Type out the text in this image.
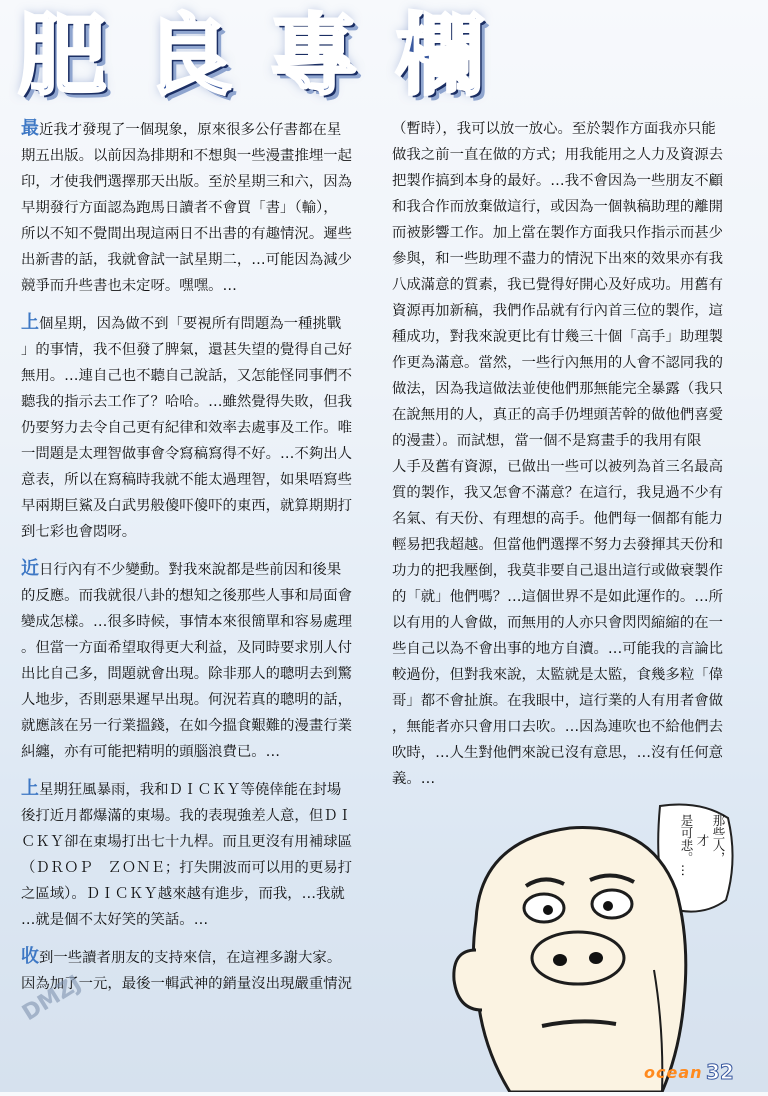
肥良專欄
最近我才發現了一個現象，原來很多公仔書都在星
期五出版。以前因為排期和不想與一些漫畫推埋一起
印，才使我們選擇那天出版。至於星期三和六，因為
早期發行方面認為跑馬日讀者不會買「書」（輸），
所以不知不覺間出現這兩日不出書的有趣情況。遲些
出新書的話，我就會試一試星期二，…可能因為減少
競爭而升些書也未定呀。嘿嘿。…
上個星期，因為做不到「要視所有問題為一種挑戰
」的事情，我不但發了脾氣，還甚失望的覺得自己好
無用。…連自己也不聽自己說話，又怎能怪同事們不
聽我的指示去工作了？哈哈。…雖然覺得失敗，但我
仍要努力去令自己更有紀律和效率去處事及工作。唯
一問題是太理智做事會令寫稿寫得不好。…不夠出人
意表，所以在寫稿時我就不能太過理智，如果唔寫些
早兩期巨鯊及白武男般傻吓傻吓的東西，就算期期打
到七彩也會悶呀。
近日行內有不少變動。對我來說都是些前因和後果
的反應。而我就很八卦的想知之後那些人事和局面會
變成怎樣。…很多時候，事情本來很簡單和容易處理
。但當一方面希望取得更大利益，及同時要求別人付
出比自己多，問題就會出現。除非那人的聰明去到驚
人地步，否則惡果遲早出現。何況若真的聰明的話，
就應該在另一行業搵錢，在如今搵食艱難的漫畫行業
糾纏，亦有可能把精明的頭腦浪費已。…
上星期狂風暴雨，我和ＤＩＣＫＹ等僥倖能在封場
後打近月都爆滿的東場。我的表現強差人意，但ＤＩ
ＣＫＹ卻在東場打出七十九桿。而且更沒有用補球區
（ＤＲＯＰ　ＺＯＮＥ；打失開波而可以用的更易打
之區域）。ＤＩＣＫＹ越來越有進步，而我，…我就
…就是個不太好笑的笑話。…
收到一些讀者朋友的支持來信，在這裡多謝大家。
因為加了一元，最後一輯武神的銷量沒出現嚴重情況
（暫時），我可以放一放心。至於製作方面我亦只能
做我之前一直在做的方式；用我能用之人力及資源去
把製作搞到本身的最好。…我不會因為一些朋友不顧
和我合作而放棄做這行，或因為一個執稿助理的離開
而被影響工作。加上當在製作方面我只作指示而甚少
參與，和一些助理不盡力的情況下出來的效果亦有我
八成滿意的質素，我已覺得好開心及好成功。用舊有
資源再加新稿，我們作品就有行內首三位的製作，這
種成功，對我來說更比有廿幾三十個「高手」助理製
作更為滿意。當然，一些行內無用的人會不認同我的
做法，因為我這做法並使他們那無能完全暴露（我只
在說無用的人，真正的高手仍埋頭苦幹的做他們喜愛
的漫畫）。而試想，當一個不是寫畫手的我用有限
人手及舊有資源，已做出一些可以被列為首三名最高
質的製作，我又怎會不滿意？在這行，我見過不少有
名氣、有天份、有理想的高手。他們每一個都有能力
輕易把我超越。但當他們選擇不努力去發揮其天份和
功力的把我壓倒，我莫非要自己退出這行或做衰製作
的「就」他們嗎？…這個世界不是如此運作的。…所
以有用的人會做，而無用的人亦只會閃閃縮縮的在一
些自己以為不會出事的地方自瀆。…可能我的言論比
較過份，但對我來說，太監就是太監，食幾多粒「偉
哥」都不會扯旗。在我眼中，這行業的人有用者會做
，無能者亦只會用口去吹。…因為連吹也不給他們去
吹時，…人生對他們來說已沒有意思，…沒有任何意
義。…
那些人，
才
是可悲。…
DMZJ
ocean 32
